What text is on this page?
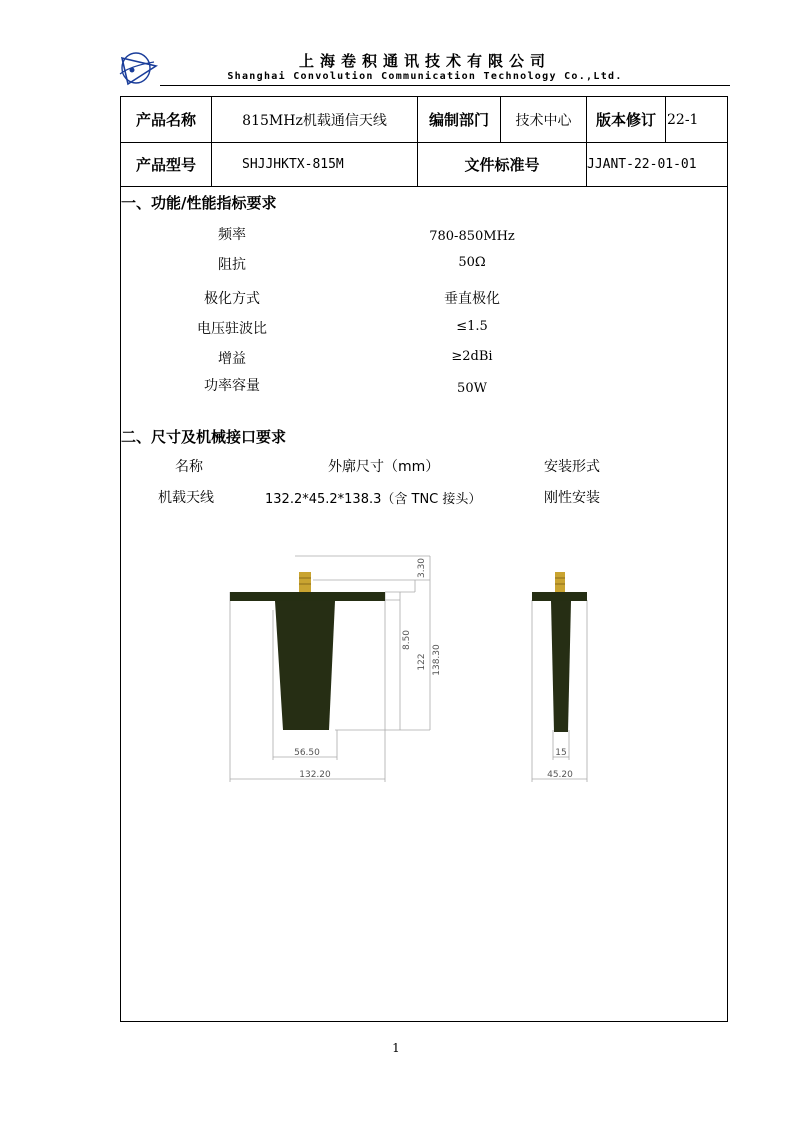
上海卷积通讯技术有限公司
Shanghai Convolution Communication Technology Co.,Ltd.
产品名称	815MHz机载通信天线	编制部门	技术中心	版本修订 22-1
产品型号	SHJJHKTX-815M	文件标准号	JJANT-22-01-01
一、功能/性能指标要求
频率	780-850MHz
阻抗	50Ω
极化方式	垂直极化
电压驻波比	≤1.5
增益	≥2dBi
功率容量	50W
二、尺寸及机械接口要求
名称	外廓尺寸（mm）	安装形式
机载天线	132.2*45.2*138.3（含 TNC 接头）	刚性安装
3.30
8.50
122 138.30
56.50
132.20
15
45.20
1
